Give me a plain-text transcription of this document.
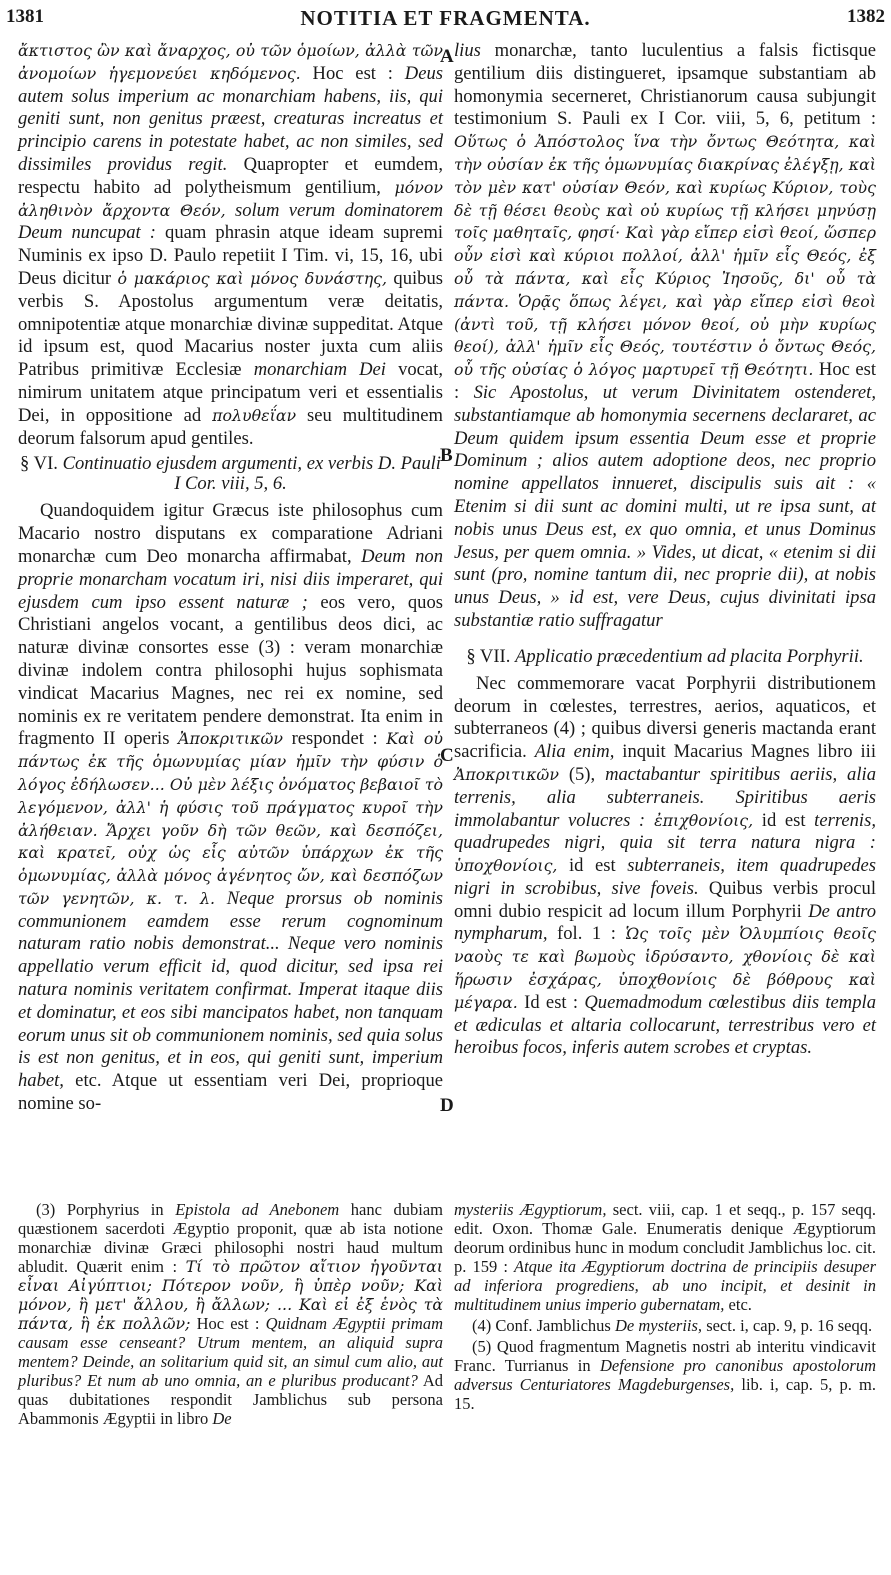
1381	NOTITIA ET FRAGMENTA.	1382
A
B
C
D

ἄκτιστος ὢν καὶ ἄναρχος, οὐ τῶν ὁμοίων, ἀλλὰ τῶν ἀνομοίων ἡγεμονεύει κηδόμενος. Hoc est : Deus autem solus imperium ac monarchiam habens, iis, qui geniti sunt, non genitus præest, creaturas increatus et principio carens in potestate habet, ac non similes, sed dissimiles providus regit. Quapropter et eumdem, respectu habito ad polytheismum gentilium, μόνον ἀληθινὸν ἄρχοντα Θεόν, solum verum dominatorem Deum nuncupat : quam phrasin atque ideam supremi Numinis ex ipso D. Paulo repetiit I Tim. vi, 15, 16, ubi Deus dicitur ὁ μακάριος καὶ μόνος δυνάστης, quibus verbis S. Apostolus argumentum veræ deitatis, omnipotentiæ atque monarchiæ divinæ suppeditat. Atque id ipsum est, quod Macarius noster juxta cum aliis Patribus primitivæ Ecclesiæ monarchiam Dei vocat, nimirum unitatem atque principatum veri et essentialis Dei, in oppositione ad πολυθεΐαν seu multitudinem deorum falsorum apud gentiles.

§ VI. Continuatio ejusdem argumenti, ex verbis D. Pauli I Cor. viii, 5, 6.

Quandoquidem igitur Græcus iste philosophus cum Macario nostro disputans ex comparatione Adriani monarchæ cum Deo monarcha affirmabat, Deum non proprie monarcham vocatum iri, nisi diis imperaret, qui ejusdem cum ipso essent naturæ ; eos vero, quos Christiani angelos vocant, a gentilibus deos dici, ac naturæ divinæ consortes esse (3) : veram monarchiæ divinæ indolem contra philosophi hujus sophismata vindicat Macarius Magnes, nec rei ex nomine, sed nominis ex re veritatem pendere demonstrat. Ita enim in fragmento II operis Ἀποκριτικῶν respondet : Καὶ οὐ πάντως ἐκ τῆς ὁμωνυμίας μίαν ἡμῖν τὴν φύσιν ὁ λόγος ἐδήλωσεν... Οὐ μὲν λέξις ὀνόματος βεβαιοῖ τὸ λεγόμενον, ἀλλ' ἡ φύσις τοῦ πράγματος κυροῖ τὴν ἀλήθειαν. Ἄρχει γοῦν δὴ τῶν θεῶν, καὶ δεσπόζει, καὶ κρατεῖ, οὐχ ὡς εἷς αὐτῶν ὑπάρχων ἐκ τῆς ὁμωνυμίας, ἀλλὰ μόνος ἀγένητος ὤν, καὶ δεσπόζων τῶν γενητῶν, κ. τ. λ. Neque prorsus ob nominis communionem eamdem esse rerum cognominum naturam ratio nobis demonstrat... Neque vero nominis appellatio verum efficit id, quod dicitur, sed ipsa rei natura nominis veritatem confirmat. Imperat itaque diis et dominatur, et eos sibi mancipatos habet, non tanquam eorum unus sit ob communionem nominis, sed quia solus is est non genitus, et in eos, qui geniti sunt, imperium habet, etc. Atque ut essentiam veri Dei, proprioque nomine so-

lius monarchæ, tanto luculentius a falsis fictisque gentilium diis distingueret, ipsamque substantiam ab homonymia secerneret, Christianorum causa subjungit testimonium S. Pauli ex I Cor. viii, 5, 6, petitum : Οὕτως ὁ Ἀπόστολος ἵνα τὴν ὄντως Θεότητα, καὶ τὴν οὐσίαν ἐκ τῆς ὁμωνυμίας διακρίνας ἐλέγξῃ, καὶ τὸν μὲν κατ' οὐσίαν Θεόν, καὶ κυρίως Κύριον, τοὺς δὲ τῇ θέσει θεοὺς καὶ οὐ κυρίως τῇ κλήσει μηνύσῃ τοῖς μαθηταῖς, φησί· Καὶ γὰρ εἴπερ εἰσὶ θεοί, ὥσπερ οὖν εἰσὶ καὶ κύριοι πολλοί, ἀλλ' ἡμῖν εἷς Θεός, ἐξ οὗ τὰ πάντα, καὶ εἷς Κύριος Ἰησοῦς, δι' οὗ τὰ πάντα. Ὁρᾷς ὅπως λέγει, καὶ γὰρ εἴπερ εἰσὶ θεοὶ (ἀντὶ τοῦ, τῇ κλήσει μόνον θεοί, οὐ μὴν κυρίως θεοί), ἀλλ' ἡμῖν εἷς Θεός, τουτέστιν ὁ ὄντως Θεός, οὗ τῆς οὐσίας ὁ λόγος μαρτυρεῖ τῇ Θεότητι. Hoc est : Sic Apostolus, ut verum Divinitatem ostenderet, substantiamque ab homonymia secernens declararet, ac Deum quidem ipsum essentia Deum esse et proprie Dominum ; alios autem adoptione deos, nec proprio nomine appellatos innueret, discipulis suis ait : « Etenim si dii sunt ac domini multi, ut re ipsa sunt, at nobis unus Deus est, ex quo omnia, et unus Dominus Jesus, per quem omnia. » Vides, ut dicat, « etenim si dii sunt (pro, nomine tantum dii, nec proprie dii), at nobis unus Deus, » id est, vere Deus, cujus divinitati ipsa substantiæ ratio suffragatur

§ VII. Applicatio præcedentium ad placita Porphyrii.

Nec commemorare vacat Porphyrii distributionem deorum in cœlestes, terrestres, aerios, aquaticos, et subterraneos (4) ; quibus diversi generis mactanda erant sacrificia. Alia enim, inquit Macarius Magnes libro iii Ἀποκριτικῶν (5), mactabantur spiritibus aeriis, alia terrenis, alia subterraneis. Spiritibus aeris immolabantur volucres : ἐπιχθονίοις, id est terrenis, quadrupedes nigri, quia sit terra natura nigra : ὑποχθονίοις, id est subterraneis, item quadrupedes nigri in scrobibus, sive foveis. Quibus verbis procul omni dubio respicit ad locum illum Porphyrii De antro nympharum, fol. 1 : Ὡς τοῖς μὲν Ὀλυμπίοις θεοῖς ναοὺς τε καὶ βωμοὺς ἱδρύσαντο, χθονίοις δὲ καὶ ἥρωσιν ἐσχάρας, ὑποχθονίοις δὲ βόθρους καὶ μέγαρα. Id est : Quemadmodum cœlestibus diis templa et ædiculas et altaria collocarunt, terrestribus vero et heroibus focos, inferis autem scrobes et cryptas.

(3) Porphyrius in Epistola ad Anebonem hanc dubiam quæstionem sacerdoti Ægyptio proponit, quæ ab ista notione monarchiæ divinæ Græci philosophi nostri haud multum abludit. Quærit enim : Τί τὸ πρῶτον αἴτιον ἡγοῦνται εἶναι Αἰγύπτιοι; Πότερον νοῦν, ἢ ὑπὲρ νοῦν; Καὶ μόνον, ἢ μετ' ἄλλου, ἢ ἄλλων; ... Καὶ εἰ ἐξ ἑνὸς τὰ πάντα, ἢ ἐκ πολλῶν; Hoc est : Quidnam Ægyptii primam causam esse censeant? Utrum mentem, an aliquid supra mentem? Deinde, an solitarium quid sit, an simul cum alio, aut pluribus? Et num ab uno omnia, an e pluribus producant? Ad quas dubitationes respondit Jamblichus sub persona Abammonis Ægyptii in libro De

mysteriis Ægyptiorum, sect. viii, cap. 1 et seqq., p. 157 seqq. edit. Oxon. Thomæ Gale. Enumeratis denique Ægyptiorum deorum ordinibus hunc in modum concludit Jamblichus loc. cit. p. 159 : Atque ita Ægyptiorum doctrina de principiis desuper ad inferiora progrediens, ab uno incipit, et desinit in multitudinem unius imperio gubernatam, etc.

(4) Conf. Jamblichus De mysteriis, sect. i, cap. 9, p. 16 seqq.

(5) Quod fragmentum Magnetis nostri ab interitu vindicavit Franc. Turrianus in Defensione pro canonibus apostolorum adversus Centuriatores Magdeburgenses, lib. i, cap. 5, p. m. 15.
